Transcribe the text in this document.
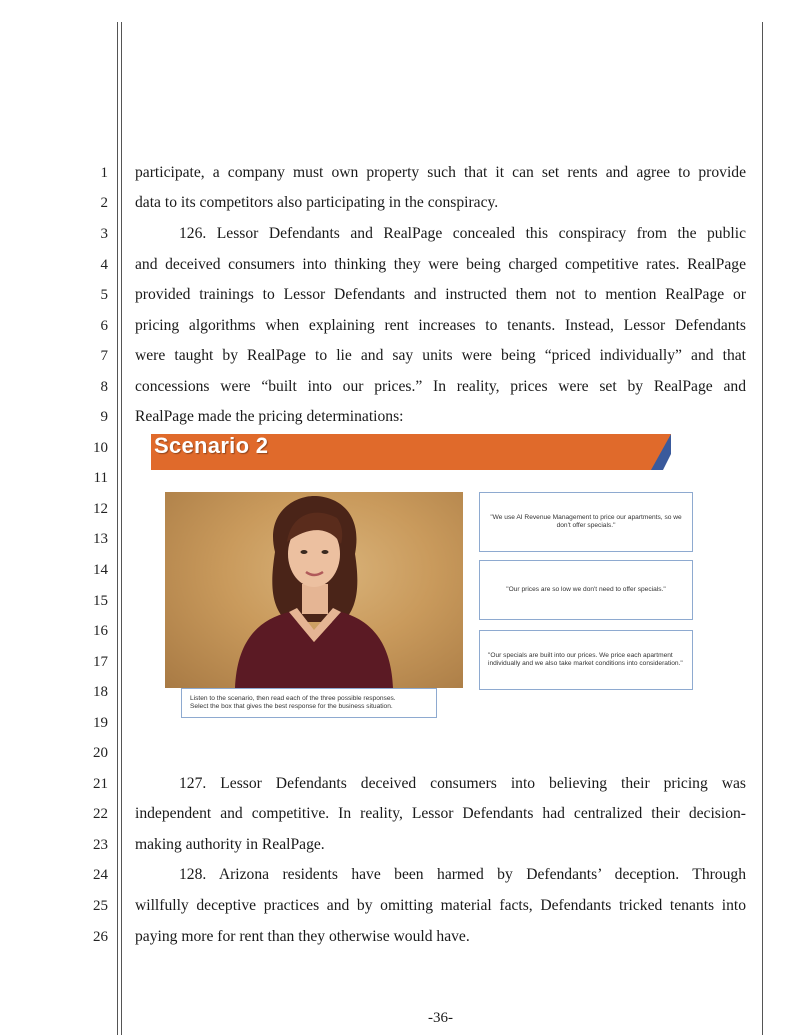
1
2
3
4
5
6
7
8
9
10
11
12
13
14
15
16
17
18
19
20
21
22
23
24
25
26
participate, a company must own property such that it can set rents and agree to provide
data to its competitors also participating in the conspiracy.
126. Lessor Defendants and RealPage concealed this conspiracy from the public
and deceived consumers into thinking they were being charged competitive rates. RealPage
provided trainings to Lessor Defendants and instructed them not to mention RealPage or
pricing algorithms when explaining rent increases to tenants. Instead, Lessor Defendants
were taught by RealPage to lie and say units were being “priced individually” and that
concessions were “built into our prices.” In reality, prices were set by RealPage and
RealPage made the pricing determinations:
Scenario 2
"We use AI Revenue Management to price our apartments, so we don't offer specials."
"Our prices are so low we don't need to offer specials."
"Our specials are built into our prices. We price each apartment individually and we also take market conditions into consideration."
Listen to the scenario, then read each of the three possible responses.
Select the box that gives the best response for the business situation.
127. Lessor Defendants deceived consumers into believing their pricing was
independent and competitive. In reality, Lessor Defendants had centralized their decision-
making authority in RealPage.
128. Arizona residents have been harmed by Defendants’ deception. Through
willfully deceptive practices and by omitting material facts, Defendants tricked tenants into
paying more for rent than they otherwise would have.
-36-
